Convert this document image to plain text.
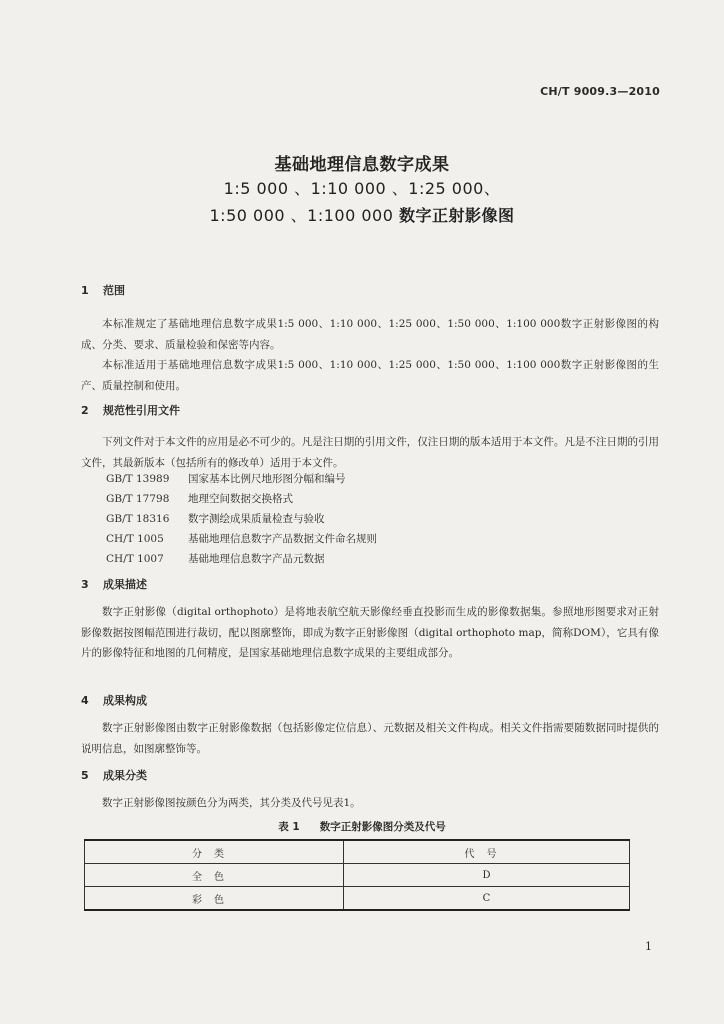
CH/T 9009.3—2010
基础地理信息数字成果
1:5 000 、1:10 000 、1:25 000、
1:50 000 、1:100 000 数字正射影像图
1 范围

本标准规定了基础地理信息数字成果1:5 000、1:10 000、1:25 000、1:50 000、1:100 000数字正射影像图的构成、分类、要求、质量检验和保密等内容。

本标准适用于基础地理信息数字成果1:5 000、1:10 000、1:25 000、1:50 000、1:100 000数字正射影像图的生产、质量控制和使用。

2 规范性引用文件

下列文件对于本文件的应用是必不可少的。凡是注日期的引用文件，仅注日期的版本适用于本文件。凡是不注日期的引用文件，其最新版本（包括所有的修改单）适用于本文件。

GB/T 13989 国家基本比例尺地形图分幅和编号
GB/T 17798 地理空间数据交换格式
GB/T 18316 数字测绘成果质量检查与验收
CH/T 1005 基础地理信息数字产品数据文件命名规则
CH/T 1007 基础地理信息数字产品元数据
3 成果描述

数字正射影像（digital orthophoto）是将地表航空航天影像经垂直投影而生成的影像数据集。参照地形图要求对正射影像数据按图幅范围进行裁切，配以图廓整饰，即成为数字正射影像图（digital orthophoto map，简称DOM），它具有像片的影像特征和地图的几何精度，是国家基础地理信息数字成果的主要组成部分。

4 成果构成

数字正射影像图由数字正射影像数据（包括影像定位信息）、元数据及相关文件构成。相关文件指需要随数据同时提供的说明信息，如图廓整饰等。

5 成果分类

数字正射影像图按颜色分为两类，其分类及代号见表1。

表 1 数字正射影像图分类及代号
分类	代号
全色	D
彩色	C
1
